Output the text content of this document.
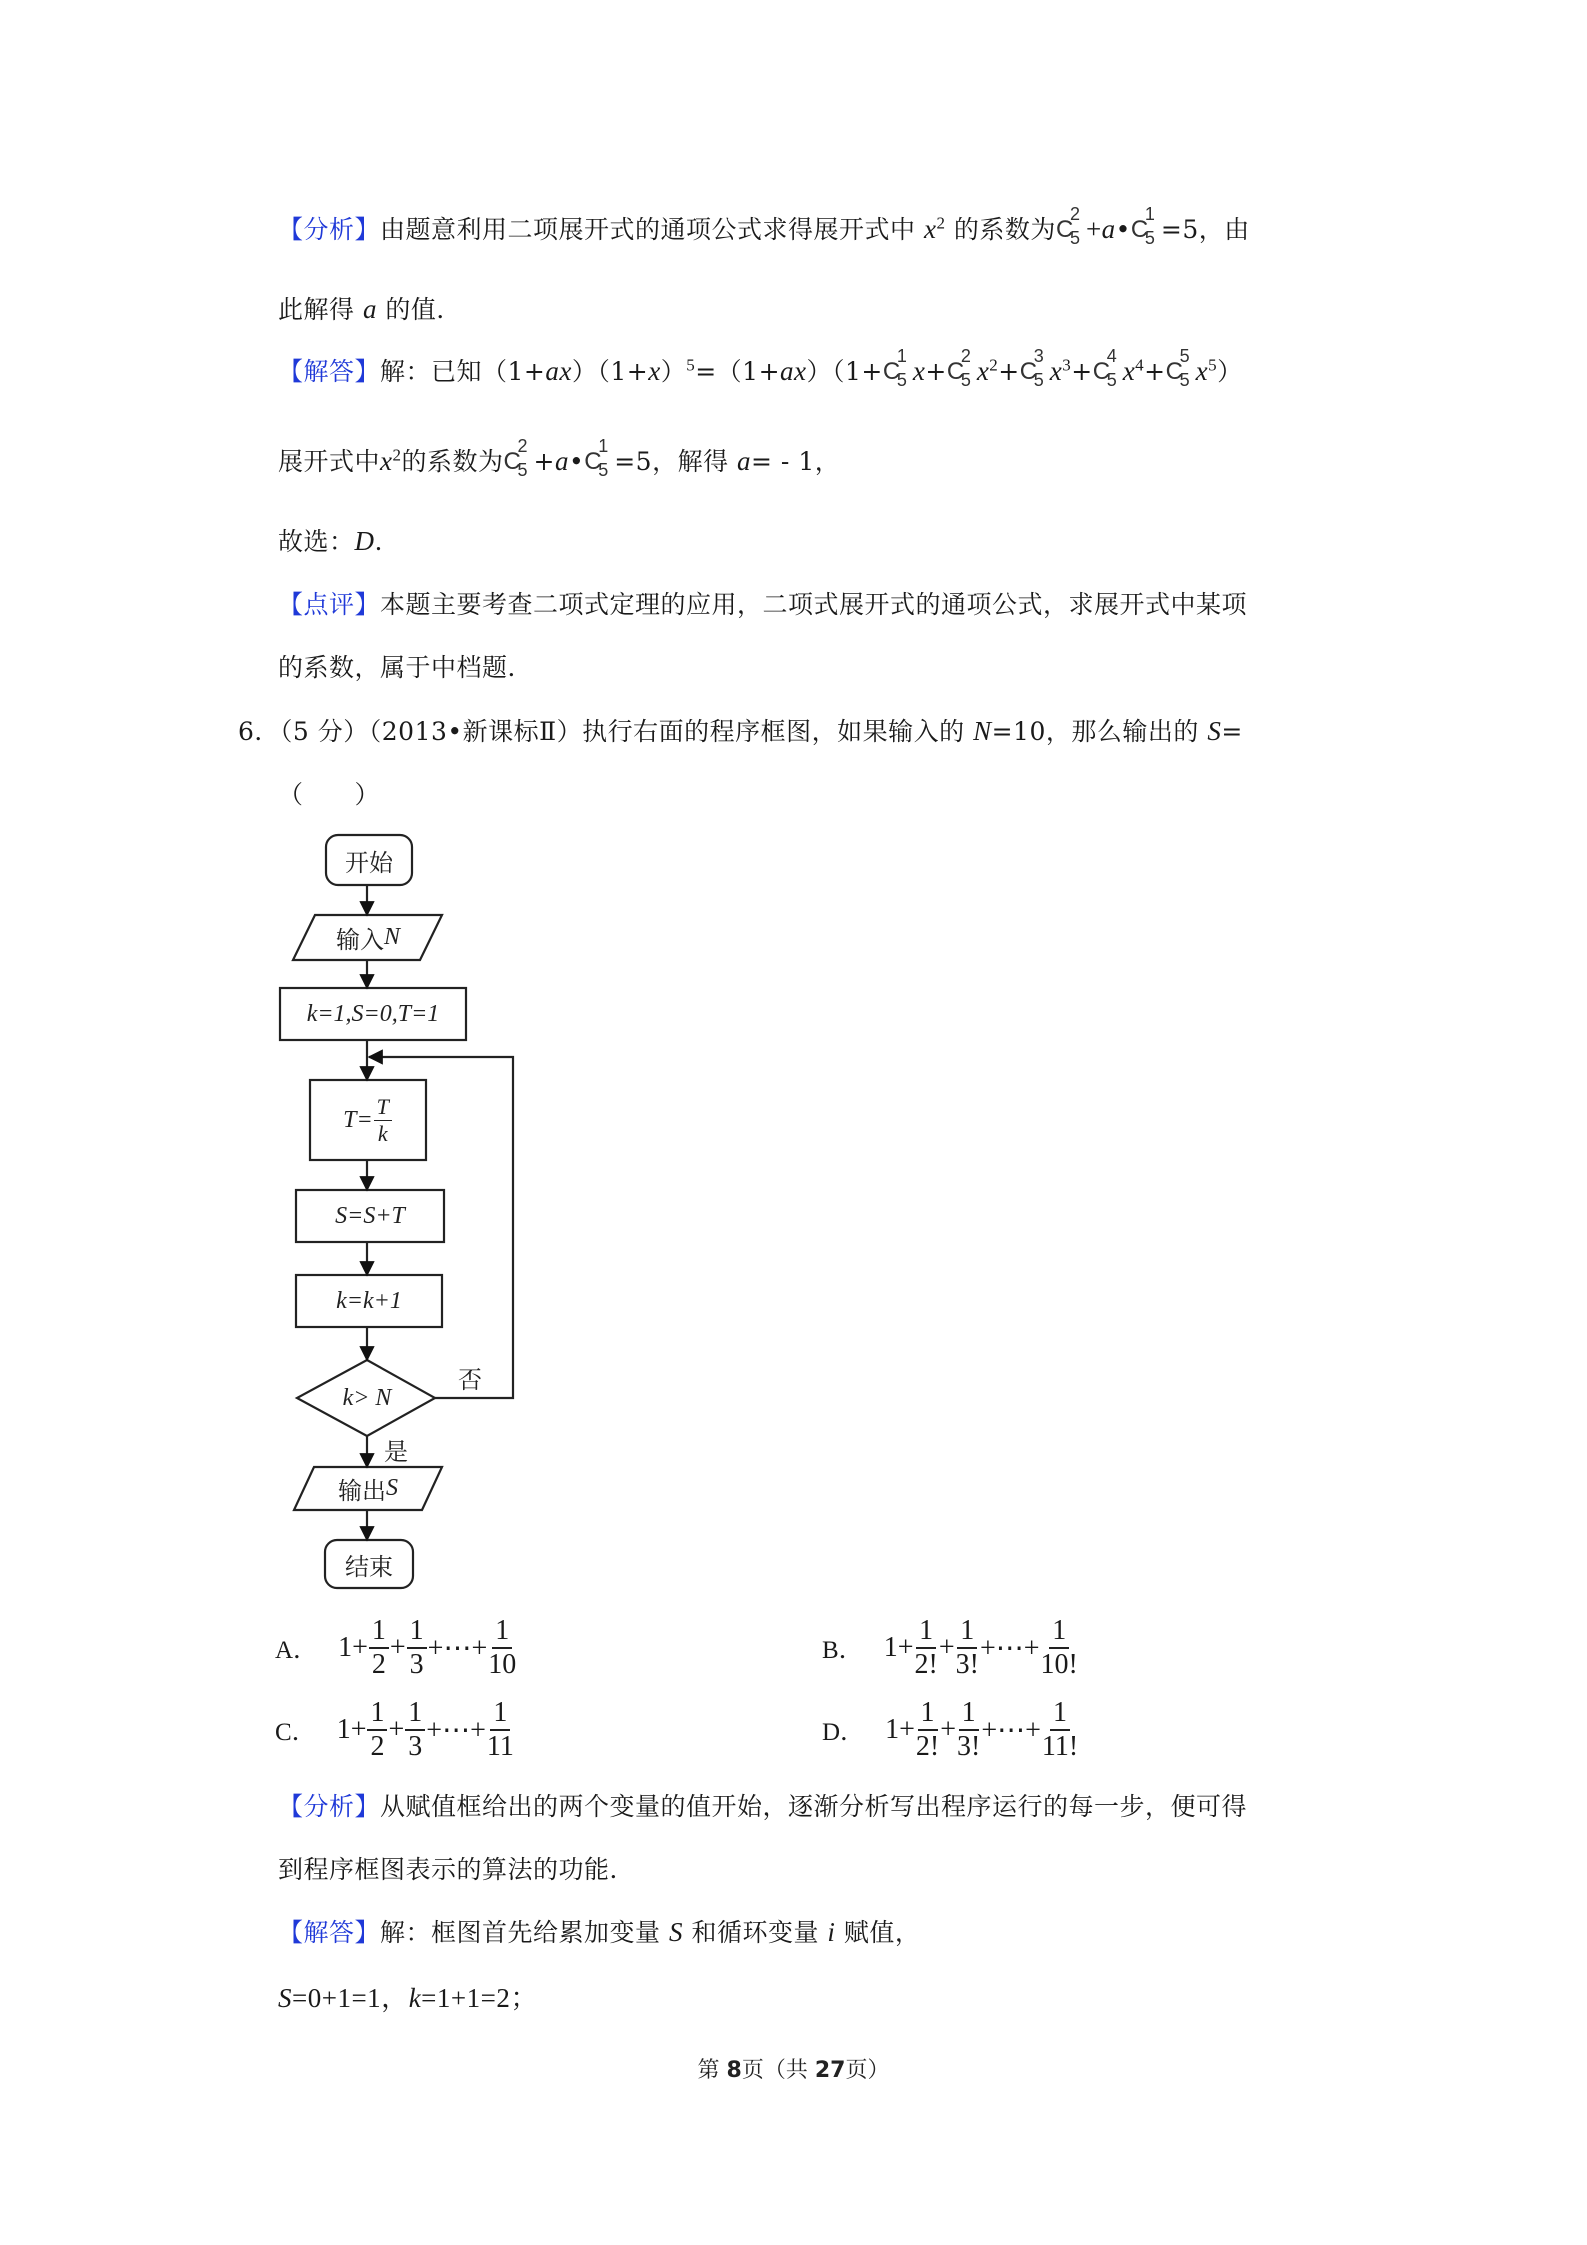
【分析】由题意利用二项展开式的通项公式求得展开式中 $x^2$ 的系数为 C
2
5 +a• C
1
5 =5，由
此解得 a 的值．
【解答】解：已知$(1+ax)(1+x)^5=(1+ax)(1+ C$
1
5 x+ C
2
5 $x^2+ C$
3
5 $x^3+ C$
4
5 $x^4+ C$
5
5 $x^5$）
展开式中$x^2$的系数为 C
2
5 +a• C
1
5 =5，解得 a= - 1，
故选：D.
【点评】本题主要考查二项式定理的应用，二项式展开式的通项公式，求展开式中某项
的系数，属于中档题．
6．（5 分）（2013•新课标Ⅱ）执行右面的程序框图，如果输入的 N=10，那么输出的 S=
（　　）
开始
输入 N
k=1,S=0,T=1
$T= \frac{T}{k}$
S=S+T
k=k+1
k> N
否
是
输出 S
结束
A． $1+ \frac{1}{2} + \frac{1}{3}$ +⋯+ $\frac{1}{10}$	B． $1+ \frac{1}{2!} + \frac{1}{3!}$ +⋯+ $\frac{1}{10!}$
C． $1+ \frac{1}{2} + \frac{1}{3}$ +⋯+ $\frac{1}{11}$	D． $1+ \frac{1}{2!} + \frac{1}{3!}$ +⋯+ $\frac{1}{11!}$
【分析】从赋值框给出的两个变量的值开始，逐渐分析写出程序运行的每一步，便可得
到程序框图表示的算法的功能．
【解答】解：框图首先给累加变量 S 和循环变量 i 赋值，
S=0+1=1，k=1+1=2；
第 8页（共 27页）
